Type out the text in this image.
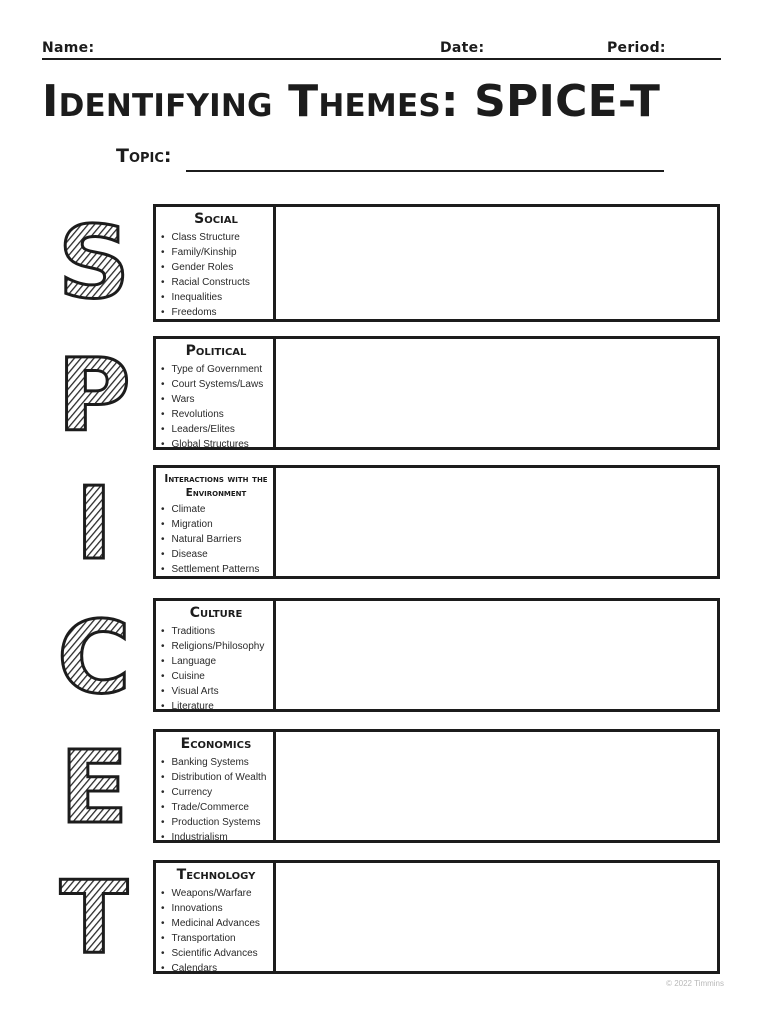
Name:	Date:	Period:
Identifying Themes: SPICE-T
Topic:
S	Social
• Class Structure
• Family/Kinship
• Gender Roles
• Racial Constructs
• Inequalities
• Freedoms
P	Political
• Type of Government
• Court Systems/Laws
• Wars
• Revolutions
• Leaders/Elites
• Global Structures
I	Interactions with the Environment
• Climate
• Migration
• Natural Barriers
• Disease
• Settlement Patterns
C	Culture
• Traditions
• Religions/Philosophy
• Language
• Cuisine
• Visual Arts
• Literature
E	Economics
• Banking Systems
• Distribution of Wealth
• Currency
• Trade/Commerce
• Production Systems
• Industrialism
T	Technology
• Weapons/Warfare
• Innovations
• Medicinal Advances
• Transportation
• Scientific Advances
• Calendars
© 2022 Timmins
